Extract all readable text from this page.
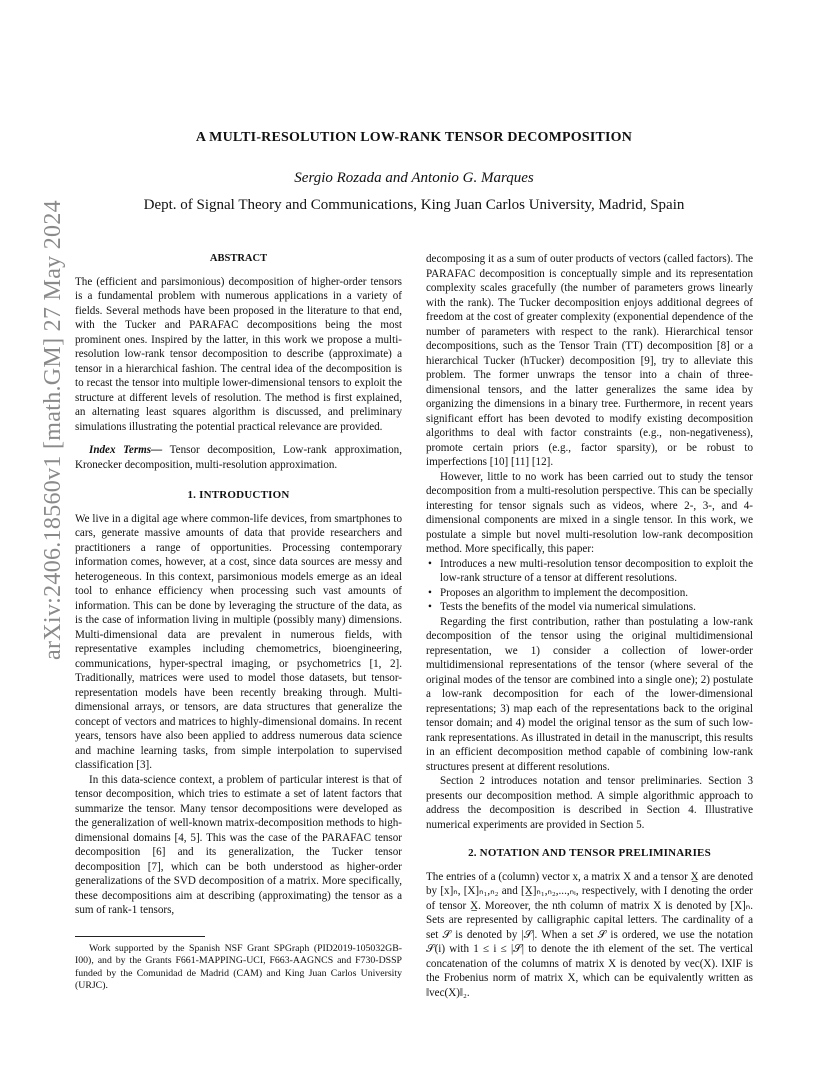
arXiv:2406.18560v1 [math.GM] 27 May 2024
A MULTI-RESOLUTION LOW-RANK TENSOR DECOMPOSITION
Sergio Rozada and Antonio G. Marques
Dept. of Signal Theory and Communications, King Juan Carlos University, Madrid, Spain
ABSTRACT

The (efficient and parsimonious) decomposition of higher-order tensors is a fundamental problem with numerous applications in a variety of fields. Several methods have been proposed in the literature to that end, with the Tucker and PARAFAC decompositions being the most prominent ones. Inspired by the latter, in this work we propose a multi-resolution low-rank tensor decomposition to describe (approximate) a tensor in a hierarchical fashion. The central idea of the decomposition is to recast the tensor into multiple lower-dimensional tensors to exploit the structure at different levels of resolution. The method is first explained, an alternating least squares algorithm is discussed, and preliminary simulations illustrating the potential practical relevance are provided.

Index Terms— Tensor decomposition, Low-rank approximation, Kronecker decomposition, multi-resolution approximation.

1. INTRODUCTION

We live in a digital age where common-life devices, from smartphones to cars, generate massive amounts of data that provide researchers and practitioners a range of opportunities. Processing contemporary information comes, however, at a cost, since data sources are messy and heterogeneous. In this context, parsimonious models emerge as an ideal tool to enhance efficiency when processing such vast amounts of information. This can be done by leveraging the structure of the data, as is the case of information living in multiple (possibly many) dimensions. Multi-dimensional data are prevalent in numerous fields, with representative examples including chemometrics, bioengineering, communications, hyper-spectral imaging, or psychometrics [1, 2]. Traditionally, matrices were used to model those datasets, but tensor-representation models have been recently breaking through. Multi-dimensional arrays, or tensors, are data structures that generalize the concept of vectors and matrices to highly-dimensional domains. In recent years, tensors have also been applied to address numerous data science and machine learning tasks, from simple interpolation to supervised classification [3].

In this data-science context, a problem of particular interest is that of tensor decomposition, which tries to estimate a set of latent factors that summarize the tensor. Many tensor decompositions were developed as the generalization of well-known matrix-decomposition methods to high-dimensional domains [4, 5]. This was the case of the PARAFAC tensor decomposition [6] and its generalization, the Tucker tensor decomposition [7], which can be both understood as higher-order generalizations of the SVD decomposition of a matrix. More specifically, these decompositions aim at describing (approximating) the tensor as a sum of rank-1 tensors,

Work supported by the Spanish NSF Grant SPGraph (PID2019-105032GB-I00), and by the Grants F661-MAPPING-UCI, F663-AAGNCS and F730-DSSP funded by the Comunidad de Madrid (CAM) and King Juan Carlos University (URJC).

decomposing it as a sum of outer products of vectors (called factors). The PARAFAC decomposition is conceptually simple and its representation complexity scales gracefully (the number of parameters grows linearly with the rank). The Tucker decomposition enjoys additional degrees of freedom at the cost of greater complexity (exponential dependence of the number of parameters with respect to the rank). Hierarchical tensor decompositions, such as the Tensor Train (TT) decomposition [8] or a hierarchical Tucker (hTucker) decomposition [9], try to alleviate this problem. The former unwraps the tensor into a chain of three-dimensional tensors, and the latter generalizes the same idea by organizing the dimensions in a binary tree. Furthermore, in recent years significant effort has been devoted to modify existing decomposition algorithms to deal with factor constraints (e.g., non-negativeness), promote certain priors (e.g., factor sparsity), or be robust to imperfections [10] [11] [12].

However, little to no work has been carried out to study the tensor decomposition from a multi-resolution perspective. This can be specially interesting for tensor signals such as videos, where 2-, 3-, and 4-dimensional components are mixed in a single tensor. In this work, we postulate a simple but novel multi-resolution low-rank decomposition method. More specifically, this paper:

• Introduces a new multi-resolution tensor decomposition to exploit the low-rank structure of a tensor at different resolutions.
• Proposes an algorithm to implement the decomposition.
• Tests the benefits of the model via numerical simulations.

Regarding the first contribution, rather than postulating a low-rank decomposition of the tensor using the original multidimensional representation, we 1) consider a collection of lower-order multidimensional representations of the tensor (where several of the original modes of the tensor are combined into a single one); 2) postulate a low-rank decomposition for each of the lower-dimensional representations; 3) map each of the representations back to the original tensor domain; and 4) model the original tensor as the sum of such low-rank representations. As illustrated in detail in the manuscript, this results in an efficient decomposition method capable of combining low-rank structures present at different resolutions.

Section 2 introduces notation and tensor preliminaries. Section 3 presents our decomposition method. A simple algorithmic approach to address the decomposition is described in Section 4. Illustrative numerical experiments are provided in Section 5.

2. NOTATION AND TENSOR PRELIMINARIES

The entries of a (column) vector x, a matrix X and a tensor X̲ are denoted by [x]ₙ, [X]ₙ₁,ₙ₂ and [X̲]ₙ₁,ₙ₂,...,ₙᵢ, respectively, with I denoting the order of tensor X̲. Moreover, the nth column of matrix X is denoted by [X]ₙ. Sets are represented by calligraphic capital letters. The cardinality of a set 𝒮 is denoted by |𝒮|. When a set 𝒮 is ordered, we use the notation 𝒮(i) with 1 ≤ i ≤ |𝒮| to denote the ith element of the set. The vertical concatenation of the columns of matrix X is denoted by vec(X). ‖X‖F is the Frobenius norm of matrix X, which can be equivalently written as ‖vec(X)‖₂.
